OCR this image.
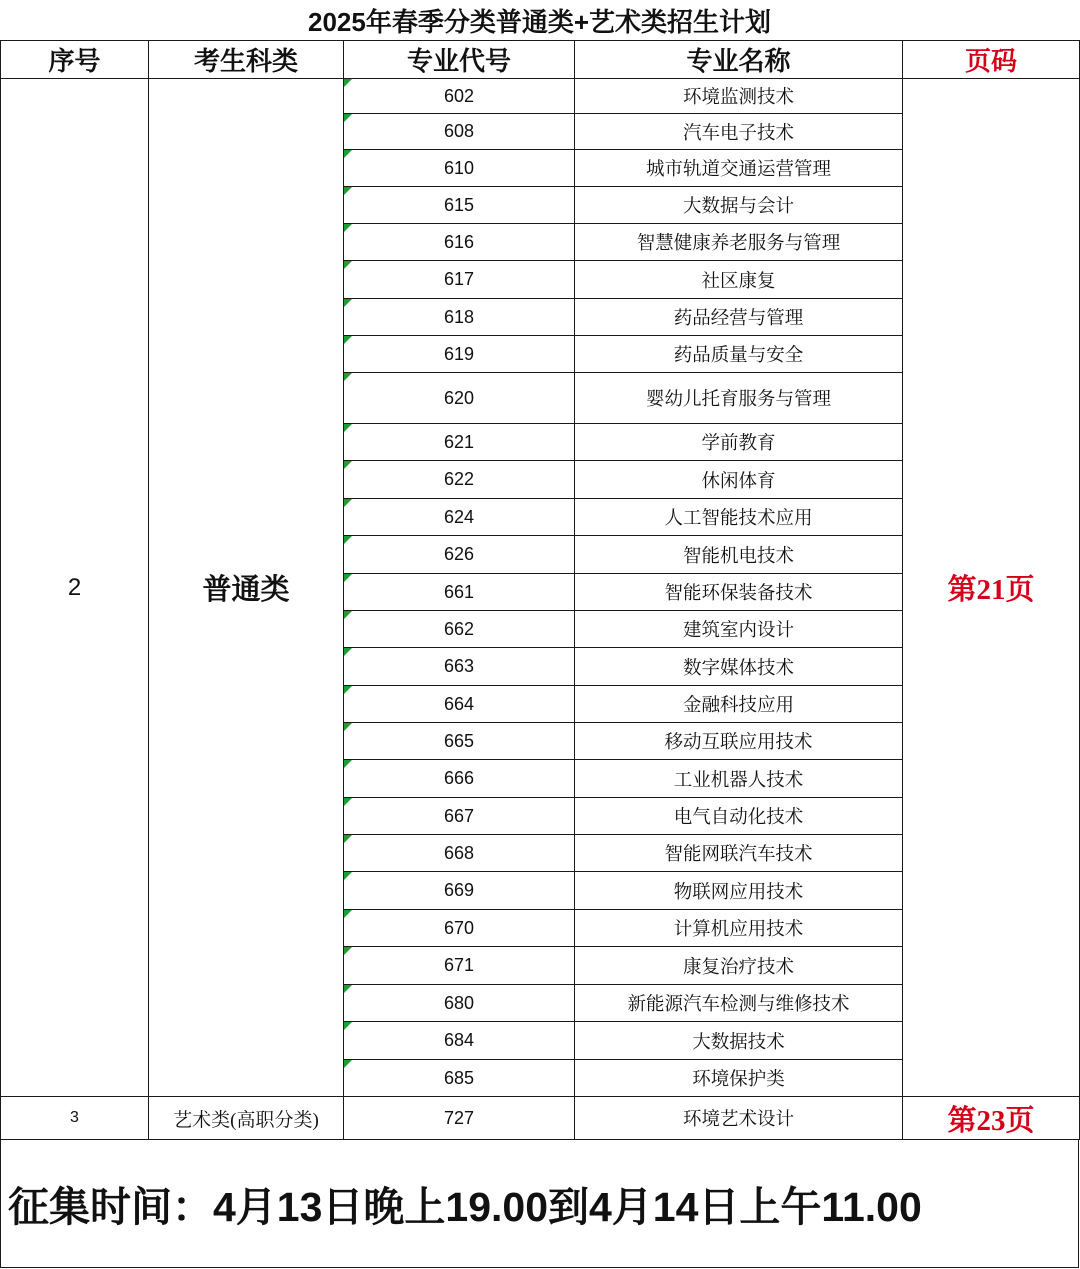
2025年春季分类普通类+艺术类招生计划
序号	考生科类	专业代号	专业名称	页码
2	普通类	602	环境监测技术	第21页

608	汽车电子技术	

610	城市轨道交通运营管理	

615	大数据与会计	

616	智慧健康养老服务与管理	

617	社区康复	

618	药品经营与管理	

619	药品质量与安全	

620	婴幼儿托育服务与管理	

621	学前教育	

622	休闲体育	

624	人工智能技术应用	

626	智能机电技术	

661	智能环保装备技术	

662	建筑室内设计	

663	数字媒体技术	

664	金融科技应用	

665	移动互联应用技术	

666	工业机器人技术	

667	电气自动化技术	

668	智能网联汽车技术	

669	物联网应用技术	

670	计算机应用技术	

671	康复治疗技术	

680	新能源汽车检测与维修技术	

684	大数据技术	

685	环境保护类	
3	艺术类(高职分类)	727	环境艺术设计	第23页
征集时间：4月13日晚上19.00到4月14日上午11.00
